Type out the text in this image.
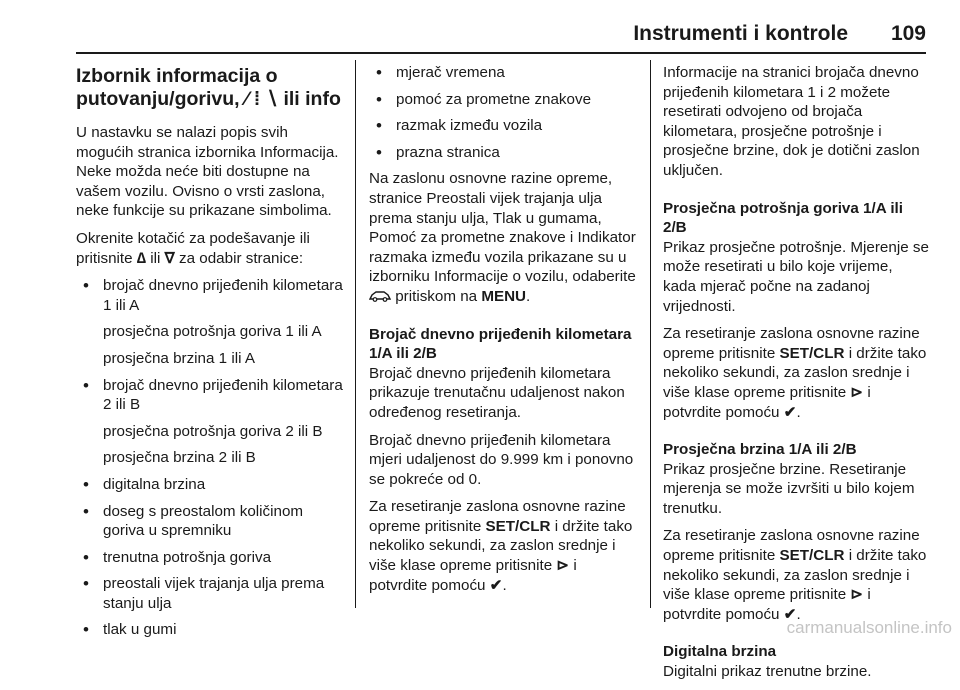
Instrumenti i kontrole 109
Izbornik informacija o putovanju/gorivu, ⁄ ⁞ ∖ ili info

U nastavku se nalazi popis svih mogućih stranica izbornika Informacija. Neke možda neće biti dostupne na vašem vozilu. Ovisno o vrsti zaslona, neke funkcije su prikazane simbolima.

Okrenite kotačić za podešavanje ili pritisnite ∆ ili ∇ za odabir stranice:

• brojač dnevno prijeđenih kilometara 1 ili A
prosječna potrošnja goriva 1 ili A
prosječna brzina 1 ili A
• brojač dnevno prijeđenih kilometara 2 ili B
prosječna potrošnja goriva 2 ili B
prosječna brzina 2 ili B
• digitalna brzina
• doseg s preostalom količinom goriva u spremniku
• trenutna potrošnja goriva
• preostali vijek trajanja ulja prema stanju ulja
• tlak u gumi
• mjerač vremena
• pomoć za prometne znakove
• razmak između vozila
• prazna stranica

Na zaslonu osnovne razine opreme, stranice Preostali vijek trajanja ulja prema stanju ulja, Tlak u gumama, Pomoć za prometne znakove i Indikator razmaka između vozila prikazane su u izborniku Informacije o vozilu, odaberite  pritiskom na MENU.

Brojač dnevno prijeđenih kilometara 1/A ili 2/B

Brojač dnevno prijeđenih kilometara prikazuje trenutačnu udaljenost nakon određenog resetiranja.

Brojač dnevno prijeđenih kilometara mjeri udaljenost do 9.999 km i ponovno se pokreće od 0.

Za resetiranje zaslona osnovne razine opreme pritisnite SET/CLR i držite tako nekoliko sekundi, za zaslon srednje i više klase opreme pritisnite ⊳ i potvrdite pomoću ✔.

Informacije na stranici brojača dnevno prijeđenih kilometara 1 i 2 možete resetirati odvojeno od brojača kilometara, prosječne potrošnje i prosječne brzine, dok je dotični zaslon uključen.

Prosječna potrošnja goriva 1/A ili 2/B

Prikaz prosječne potrošnje. Mjerenje se može resetirati u bilo koje vrijeme, kada mjerač počne na zadanoj vrijednosti.

Za resetiranje zaslona osnovne razine opreme pritisnite SET/CLR i držite tako nekoliko sekundi, za zaslon srednje i više klase opreme pritisnite ⊳ i potvrdite pomoću ✔.

Prosječna brzina 1/A ili 2/B

Prikaz prosječne brzine. Resetiranje mjerenja se može izvršiti u bilo kojem trenutku.

Za resetiranje zaslona osnovne razine opreme pritisnite SET/CLR i držite tako nekoliko sekundi, za zaslon srednje i više klase opreme pritisnite ⊳ i potvrdite pomoću ✔.

Digitalna brzina

Digitalni prikaz trenutne brzine.

carmanualsonline.info
